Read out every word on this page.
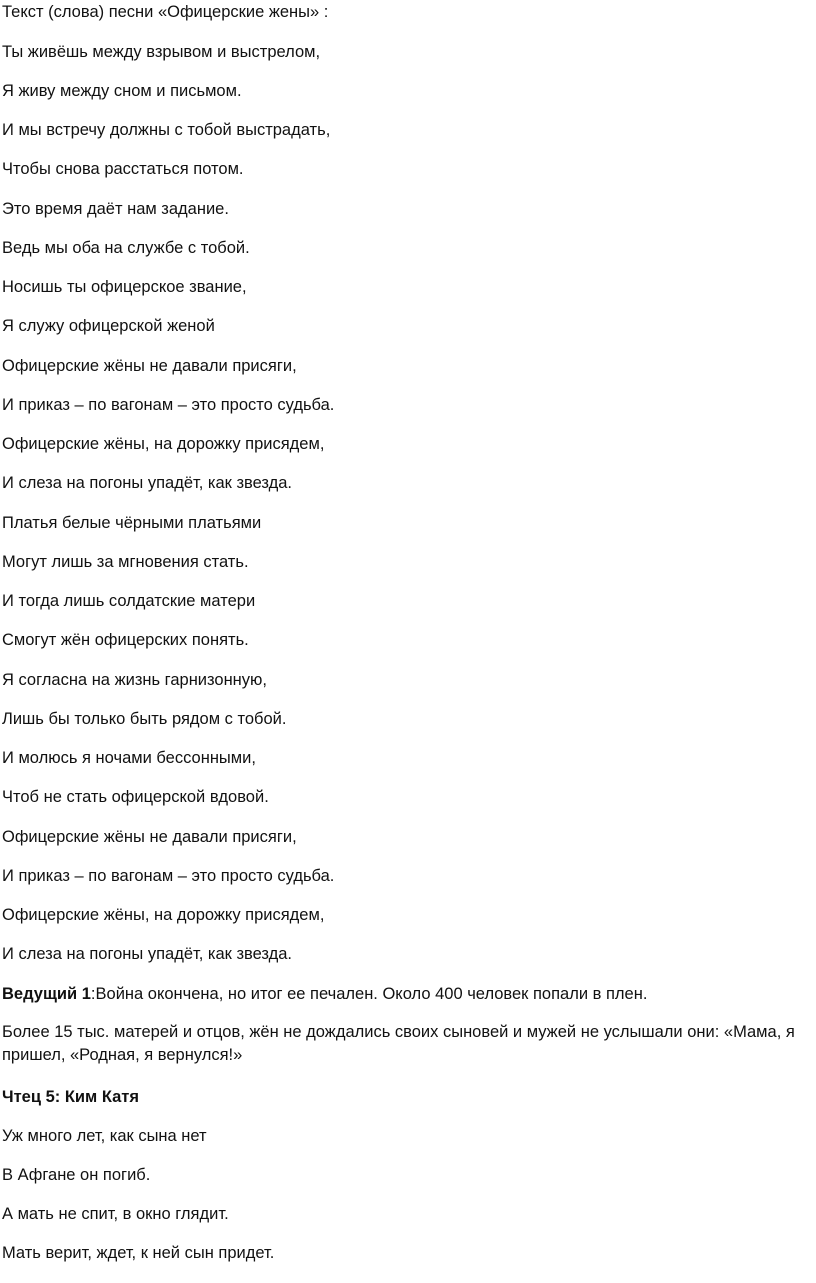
Текст (слова) песни «Офицерские жены» :
Ты живёшь между взрывом и выстрелом,
Я живу между сном и письмом.
И мы встречу должны с тобой выстрадать,
Чтобы снова расстаться потом.
Это время даёт нам задание.
Ведь мы оба на службе с тобой.
Носишь ты офицерское звание,
Я служу офицерской женой
Офицерские жёны не давали присяги,
И приказ – по вагонам – это просто судьба.
Офицерские жёны, на дорожку присядем,
И слеза на погоны упадёт, как звезда.
Платья белые чёрными платьями
Могут лишь за мгновения стать.
И тогда лишь солдатские матери
Смогут жён офицерских понять.
Я согласна на жизнь гарнизонную,
Лишь бы только быть рядом с тобой.
И молюсь я ночами бессонными,
Чтоб не стать офицерской вдовой.
Офицерские жёны не давали присяги,
И приказ – по вагонам – это просто судьба.
Офицерские жёны, на дорожку присядем,
И слеза на погоны упадёт, как звезда.
Ведущий 1:Война окончена, но итог ее печален. Около 400 человек попали в плен.
Более 15 тыс. матерей и отцов, жён не дождались своих сыновей и мужей не услышали они: «Мама, я пришел, «Родная, я вернулся!»
Чтец 5: Ким Катя
Уж много лет, как сына нет
В Афгане он погиб.
А мать не спит, в окно глядит.
Мать верит, ждет, к ней сын придет.
